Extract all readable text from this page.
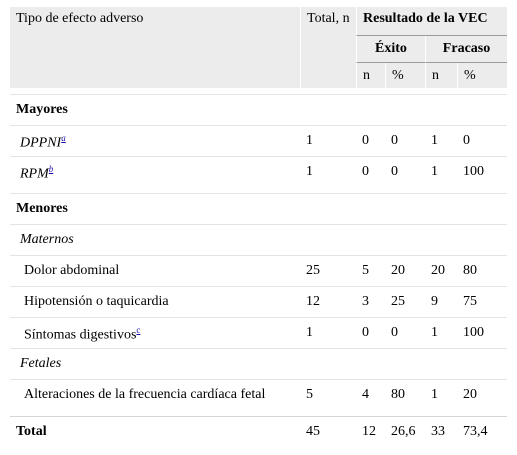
Tipo de efecto adverso	Total, n	Resultado de la VEC			
		Éxito		Fracaso	
		n	%	n	%

Mayores					
DPPNI$^a$	1	0	0	1	0
RPM$^b$	1	0	0	1	100

Menores					
Maternos					
Dolor abdominal	25	5	20	20	80
Hipotensión o taquicardia	12	3	25	9	75
Síntomas digestivos$^c$	1	0	0	1	100
Fetales					
Alteraciones de la frecuencia cardíaca fetal	5	4	80	1	20

Total	45	12	26,6	33	73,4
